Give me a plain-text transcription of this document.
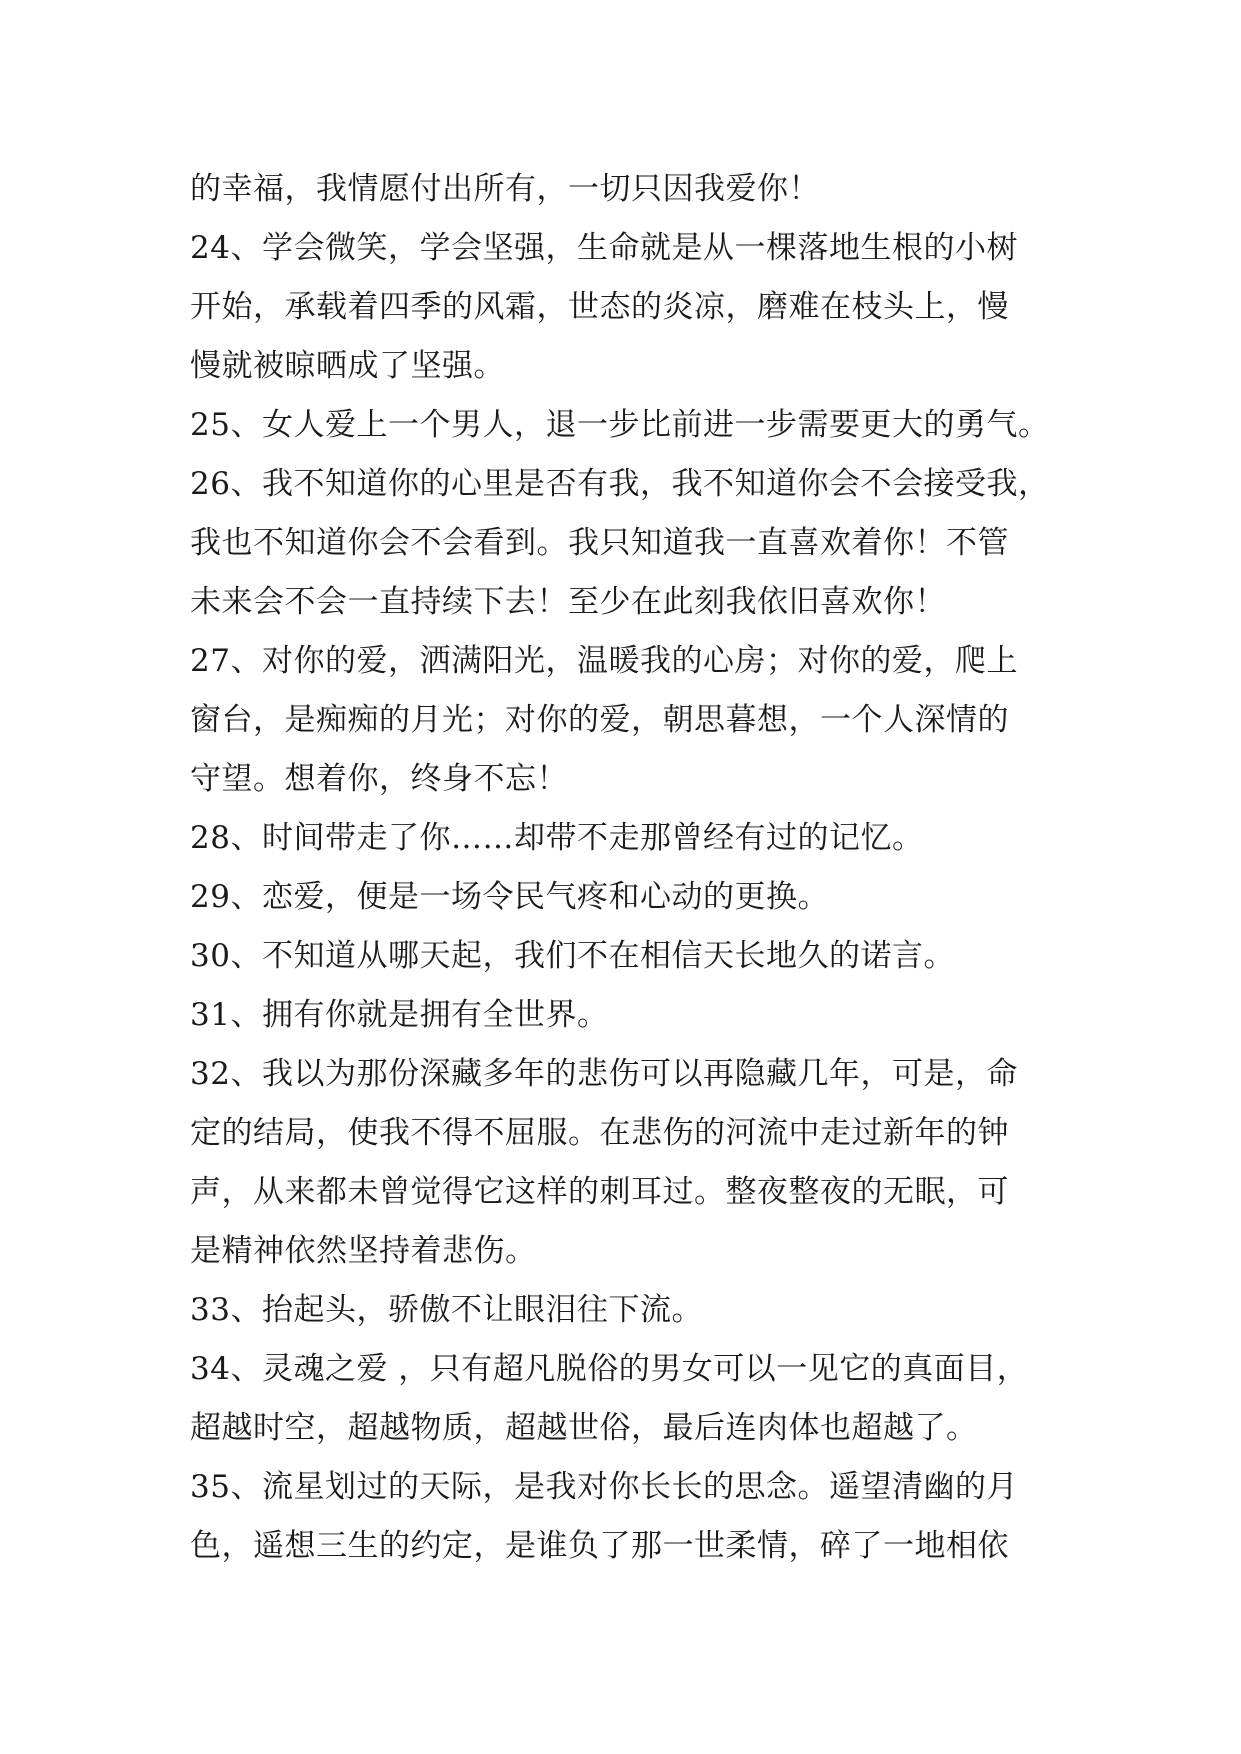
的幸福，我情愿付出所有，一切只因我爱你！
24、学会微笑，学会坚强，生命就是从一棵落地生根的小树
开始，承载着四季的风霜，世态的炎凉，磨难在枝头上，慢
慢就被晾晒成了坚强。
25、女人爱上一个男人，退一步比前进一步需要更大的勇气。
26、我不知道你的心里是否有我，我不知道你会不会接受我，
我也不知道你会不会看到。我只知道我一直喜欢着你！不管
未来会不会一直持续下去！至少在此刻我依旧喜欢你！
27、对你的爱，洒满阳光，温暖我的心房；对你的爱，爬上
窗台，是痴痴的月光；对你的爱，朝思暮想，一个人深情的
守望。想着你，终身不忘！
28、时间带走了你……却带不走那曾经有过的记忆。
29、恋爱，便是一场令民气疼和心动的更换。
30、不知道从哪天起，我们不在相信天长地久的诺言。
31、拥有你就是拥有全世界。
32、我以为那份深藏多年的悲伤可以再隐藏几年，可是，命
定的结局，使我不得不屈服。在悲伤的河流中走过新年的钟
声，从来都未曾觉得它这样的刺耳过。整夜整夜的无眠，可
是精神依然坚持着悲伤。
33、抬起头，骄傲不让眼泪往下流。
34、灵魂之爱 ，只有超凡脱俗的男女可以一见它的真面目，
超越时空，超越物质，超越世俗，最后连肉体也超越了。
35、流星划过的天际，是我对你长长的思念。遥望清幽的月
色，遥想三生的约定，是谁负了那一世柔情，碎了一地相依
